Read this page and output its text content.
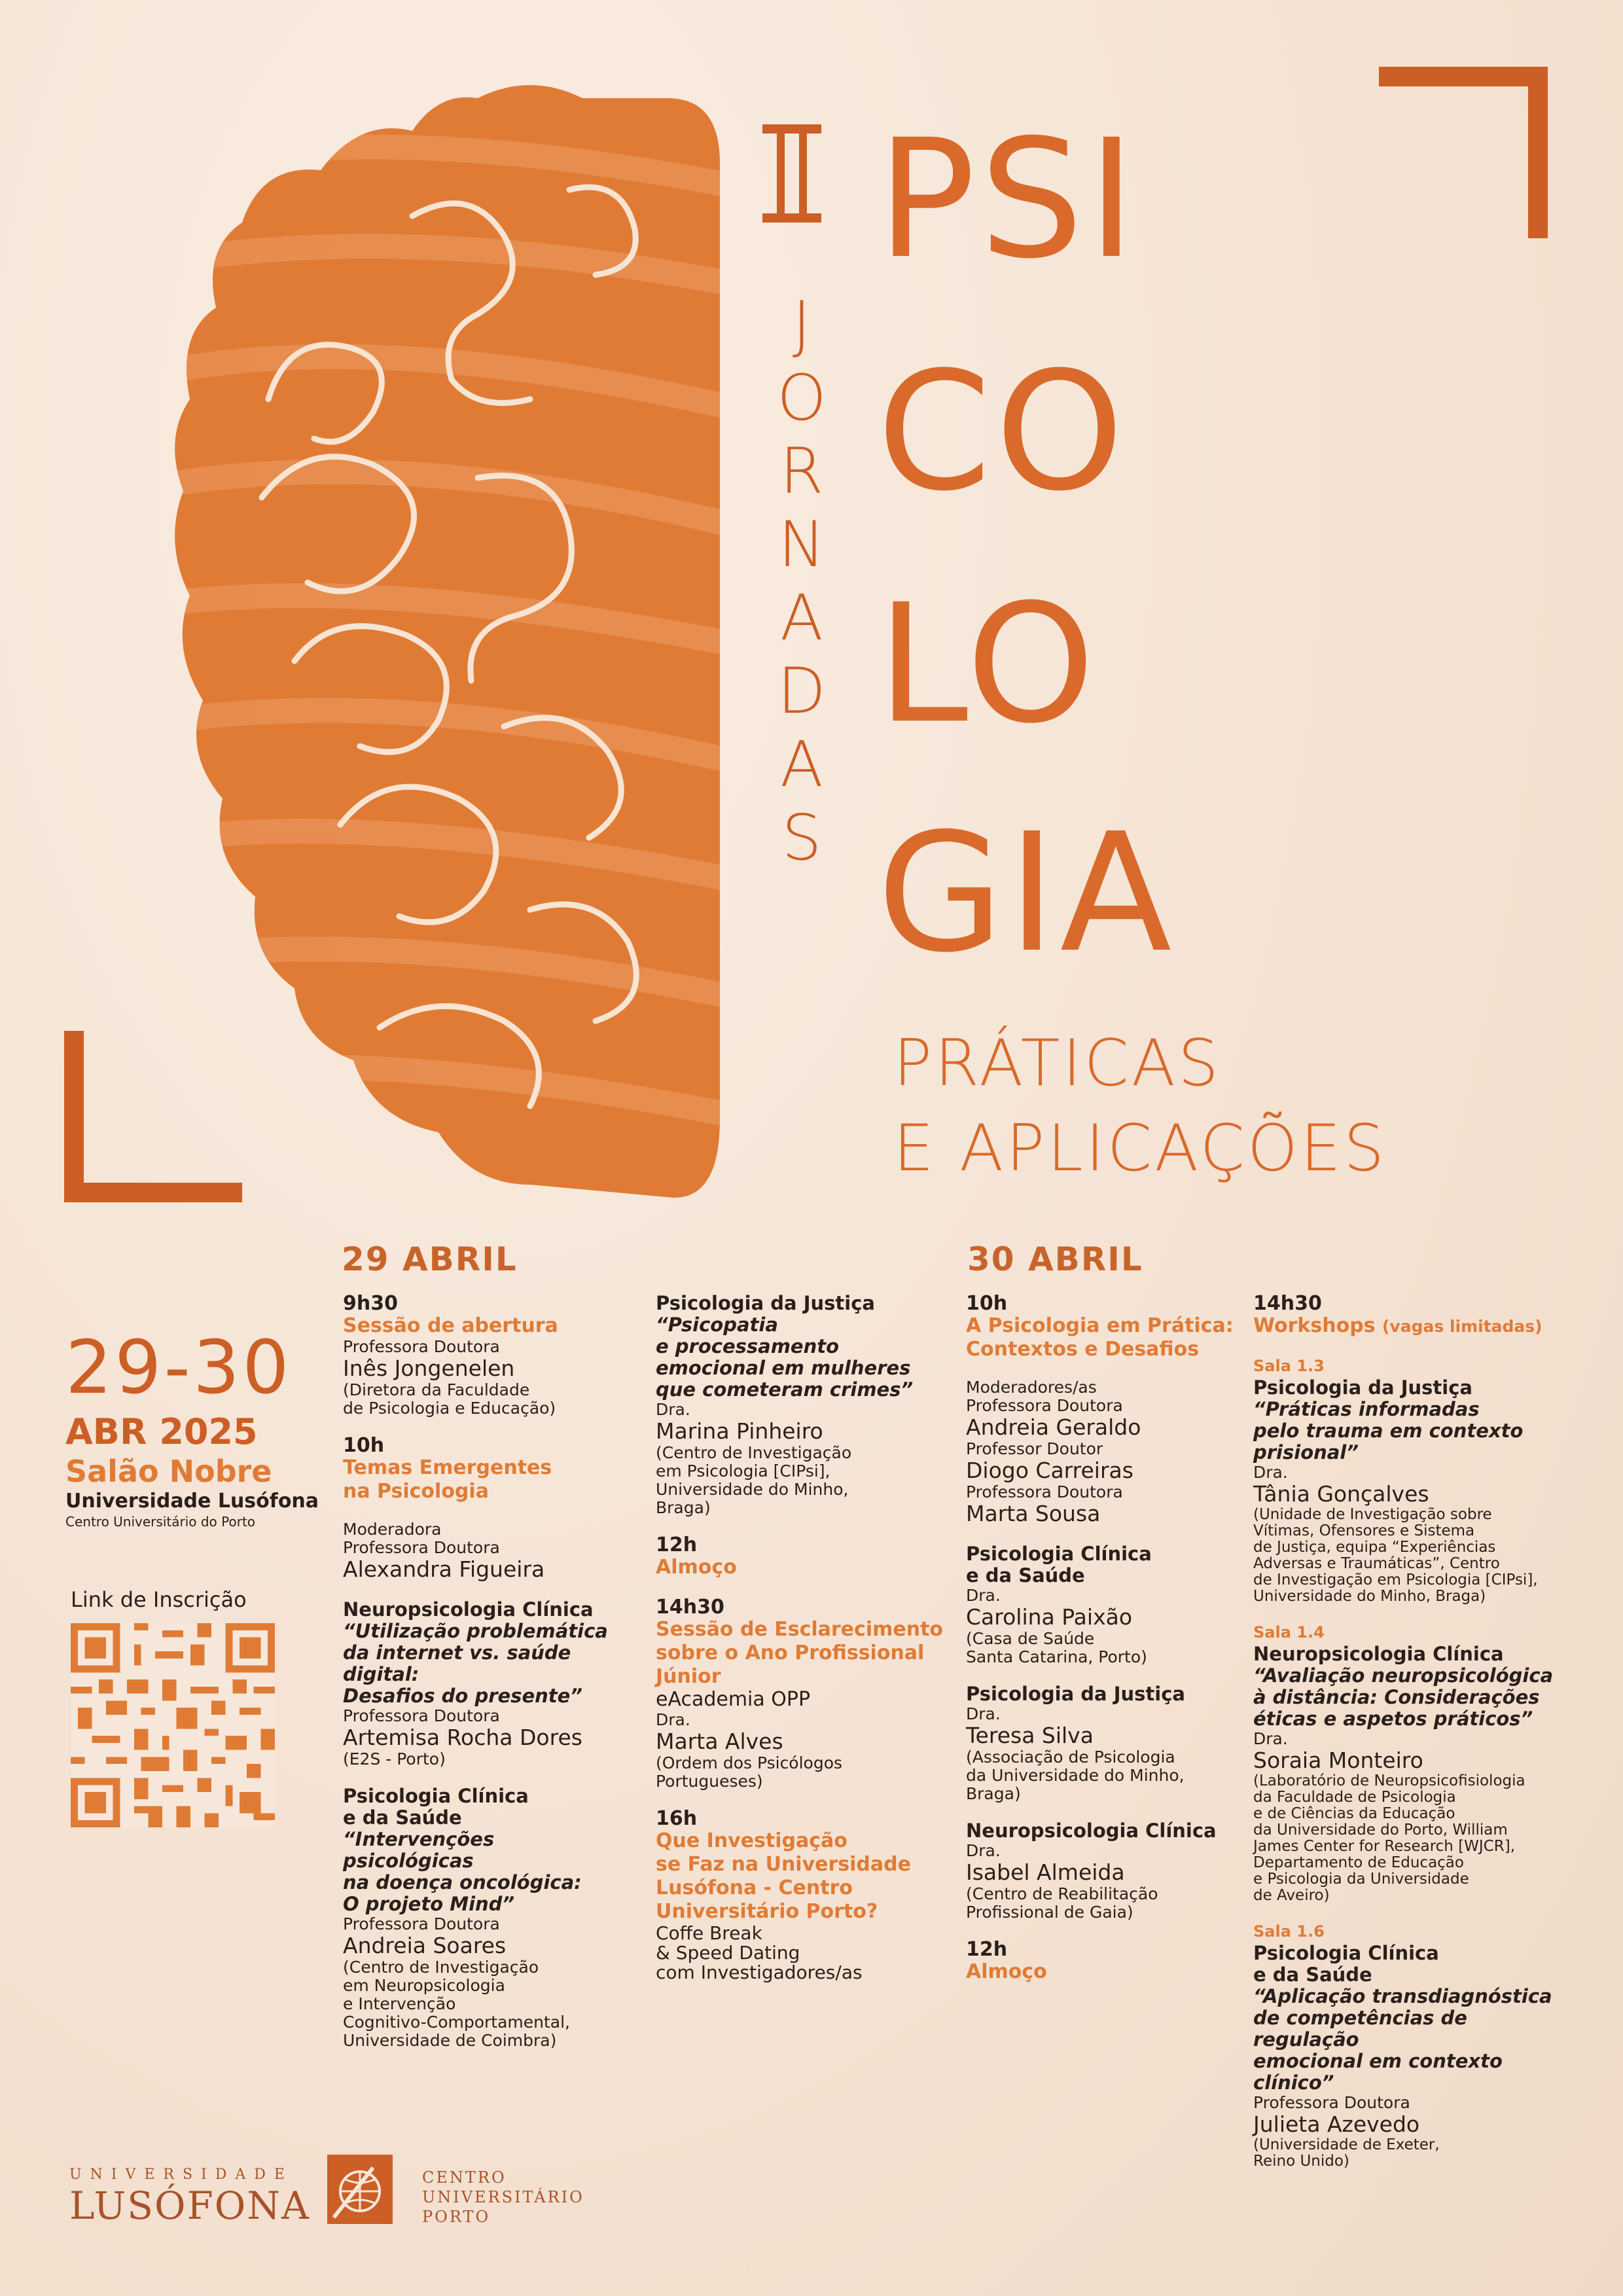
J
O
R
N
A
D
A
S
PSI
CO
LO
GIA
PRÁTICAS
E APLICAÇÕES
29-30
ABR 2025
Salão Nobre
Universidade Lusófona
Centro Universitário do Porto
Link de Inscrição
29 ABRIL	30 ABRIL
9h30
Sessão de abertura
Professora Doutora
Inês Jongenelen
(Diretora da Faculdade
de Psicologia e Educação)
10h
Temas Emergentes
na Psicologia
Moderadora
Professora Doutora
Alexandra Figueira
Neuropsicologia Clínica
“Utilização problemática
da internet vs. saúde digital:
Desafios do presente”
Professora Doutora
Artemisa Rocha Dores
(E2S - Porto)
Psicologia Clínica
e da Saúde
“Intervenções psicológicas
na doença oncológica:
O projeto Mind”
Professora Doutora
Andreia Soares
(Centro de Investigação
em Neuropsicologia
e Intervenção
Cognitivo-Comportamental,
Universidade de Coimbra)
Psicologia da Justiça
“Psicopatia
e processamento
emocional em mulheres
que cometeram crimes”
Dra.
Marina Pinheiro
(Centro de Investigação
em Psicologia [CIPsi],
Universidade do Minho,
Braga)
12h
Almoço
14h30
Sessão de Esclarecimento
sobre o Ano Profissional
Júnior
eAcademia OPP
Dra.
Marta Alves
(Ordem dos Psicólogos
Portugueses)
16h
Que Investigação
se Faz na Universidade
Lusófona - Centro
Universitário Porto?
Coffe Break
& Speed Dating
com Investigadores/as
10h
A Psicologia em Prática:
Contextos e Desafios
Moderadores/as
Professora Doutora
Andreia Geraldo
Professor Doutor
Diogo Carreiras
Professora Doutora
Marta Sousa
Psicologia Clínica
e da Saúde
Dra.
Carolina Paixão
(Casa de Saúde
Santa Catarina, Porto)
Psicologia da Justiça
Dra.
Teresa Silva
(Associação de Psicologia
da Universidade do Minho,
Braga)
Neuropsicologia Clínica
Dra.
Isabel Almeida
(Centro de Reabilitação
Profissional de Gaia)
12h
Almoço
14h30
Workshops (vagas limitadas)
Sala 1.3
Psicologia da Justiça
“Práticas informadas
pelo trauma em contexto
prisional”
Dra.
Tânia Gonçalves
(Unidade de Investigação sobre
Vítimas, Ofensores e Sistema
de Justiça, equipa “Experiências
Adversas e Traumáticas”, Centro
de Investigação em Psicologia [CIPsi],
Universidade do Minho, Braga)
Sala 1.4
Neuropsicologia Clínica
“Avaliação neuropsicológica
à distância: Considerações
éticas e aspetos práticos”
Dra.
Soraia Monteiro
(Laboratório de Neuropsicofisiologia
da Faculdade de Psicologia
e de Ciências da Educação
da Universidade do Porto, William
James Center for Research [WJCR],
Departamento de Educação
e Psicologia da Universidade
de Aveiro)
Sala 1.6
Psicologia Clínica
e da Saúde
“Aplicação transdiagnóstica
de competências de regulação
emocional em contexto clínico”
Professora Doutora
Julieta Azevedo
(Universidade de Exeter,
Reino Unido)
UNIVERSIDADE
LUSÓFONA
CENTRO
UNIVERSITÁRIO
PORTO
